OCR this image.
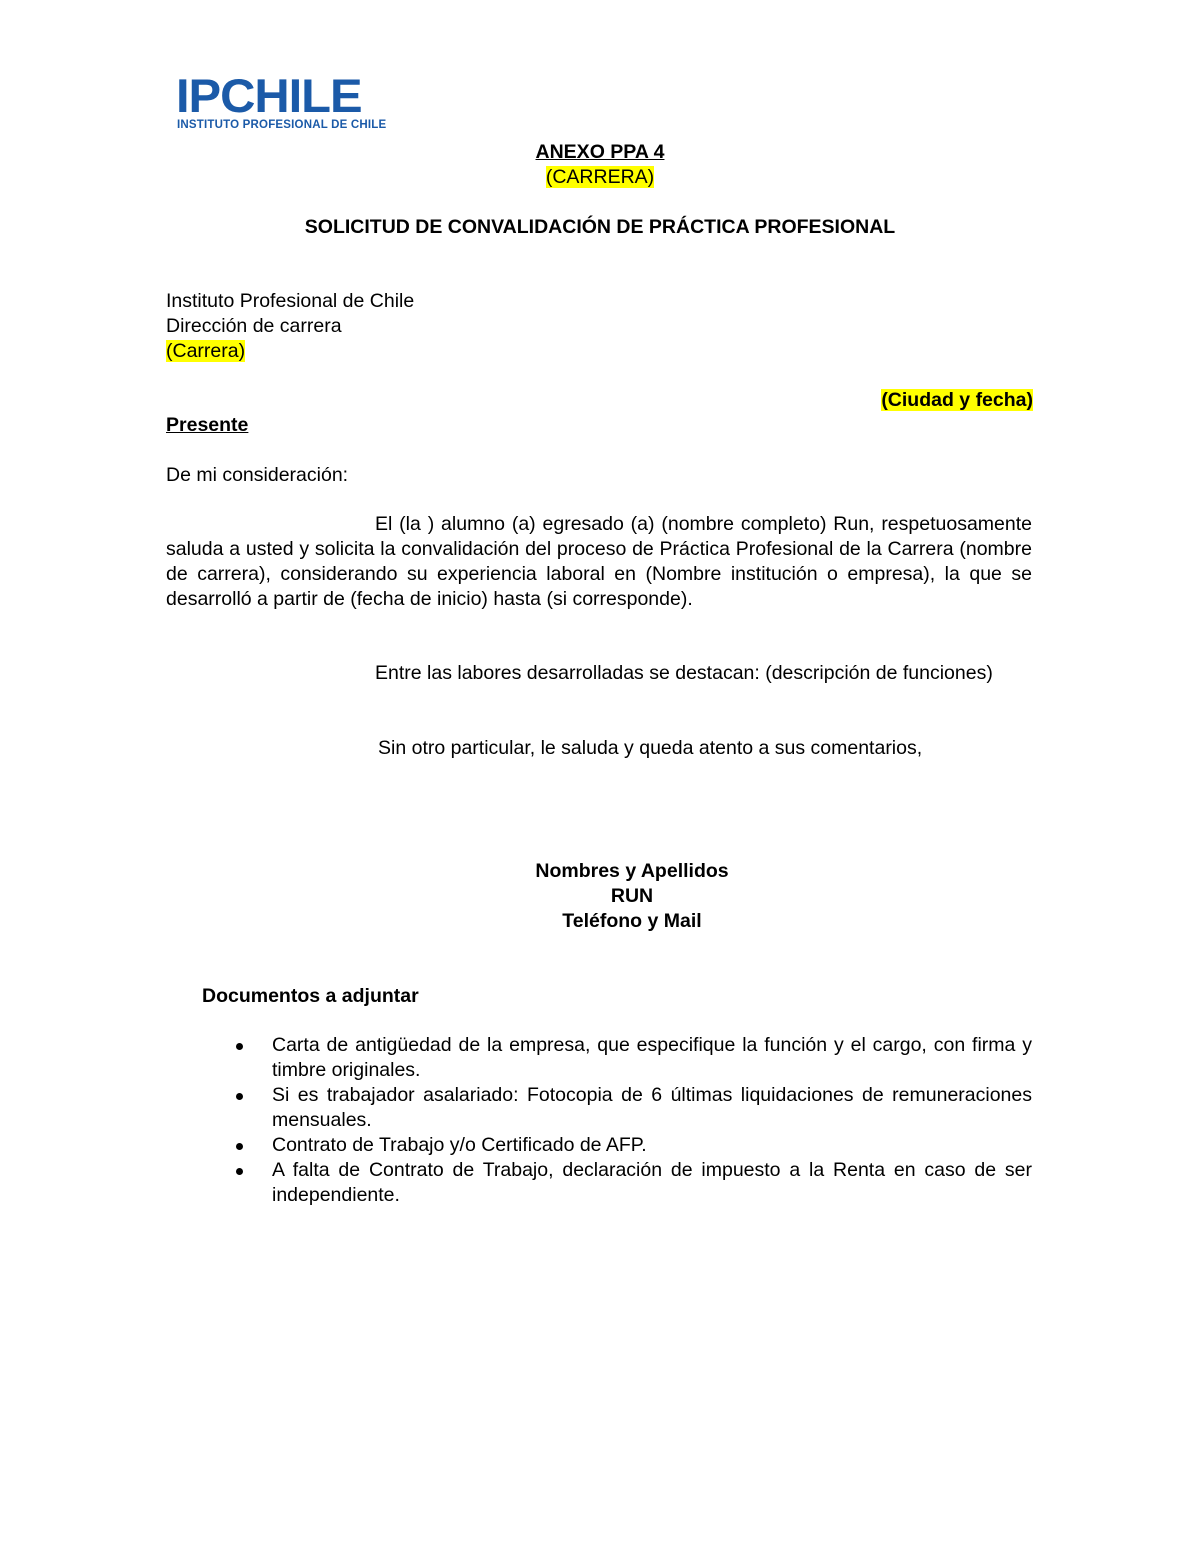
IPCHILE
INSTITUTO PROFESIONAL DE CHILE
ANEXO PPA 4
(CARRERA)
SOLICITUD DE CONVALIDACIÓN DE PRÁCTICA PROFESIONAL
Instituto Profesional de Chile
Dirección de carrera
(Carrera)
(Ciudad y fecha)
Presente
De mi consideración:
El (la ) alumno (a) egresado (a) (nombre completo) Run, respetuosamente saluda a usted y solicita la convalidación del proceso de Práctica Profesional de la Carrera (nombre de carrera), considerando su experiencia laboral en (Nombre institución o empresa), la que se desarrolló a partir de (fecha de inicio) hasta (si corresponde).
Entre las labores desarrolladas se destacan: (descripción de funciones)
Sin otro particular, le saluda y queda atento a sus comentarios,
Nombres y Apellidos
RUN
Teléfono y Mail
Documentos a adjuntar
Carta de antigüedad de la empresa, que especifique la función y el cargo, con firma y timbre originales.
Si es trabajador asalariado: Fotocopia de 6 últimas liquidaciones de remuneraciones mensuales.
Contrato de Trabajo y/o Certificado de AFP.
A falta de Contrato de Trabajo, declaración de impuesto a la Renta en caso de ser independiente.
